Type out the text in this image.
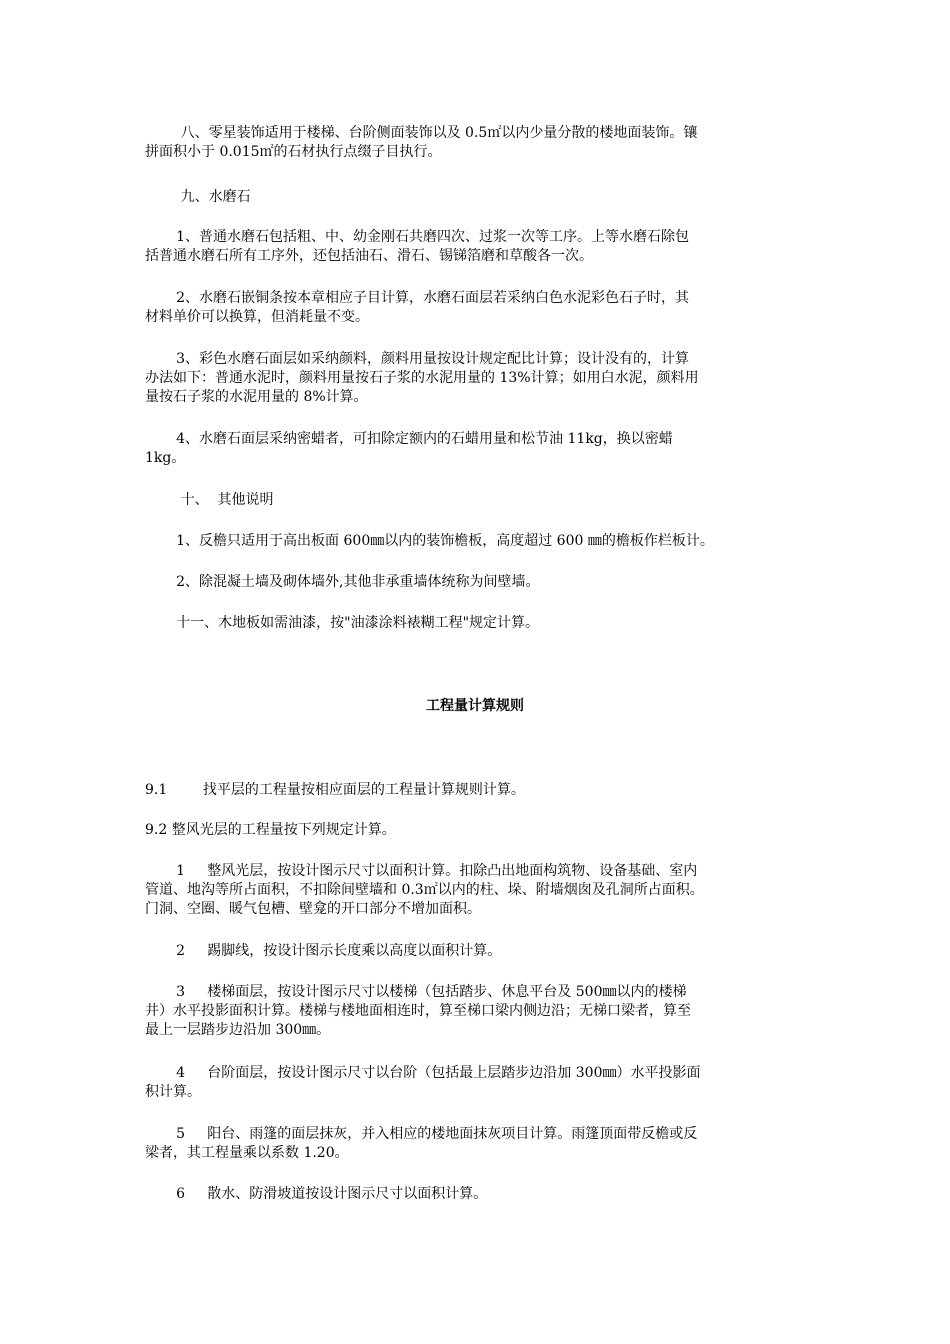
八、零星装饰适用于楼梯、台阶侧面装饰以及 0.5㎡以内少量分散的楼地面装饰。镶
拼面积小于 0.015㎡的石材执行点缀子目执行。
九、水磨石
1、普通水磨石包括粗、中、幼金刚石共磨四次、过浆一次等工序。上等水磨石除包
括普通水磨石所有工序外，还包括油石、滑石、锡锑箔磨和草酸各一次。
2、水磨石嵌铜条按本章相应子目计算，水磨石面层若采纳白色水泥彩色石子时，其
材料单价可以换算，但消耗量不变。
3、彩色水磨石面层如采纳颜料，颜料用量按设计规定配比计算；设计没有的，计算
办法如下：普通水泥时，颜料用量按石子浆的水泥用量的 13%计算；如用白水泥，颜料用
量按石子浆的水泥用量的 8%计算。
4、水磨石面层采纳密蜡者，可扣除定额内的石蜡用量和松节油 11kg，换以密蜡
1kg。
十、  其他说明
1、反檐只适用于高出板面 600㎜以内的装饰檐板，高度超过 600 ㎜的檐板作栏板计。
2、除混凝土墙及砌体墙外,其他非承重墙体统称为间壁墙。
十一、木地板如需油漆，按"油漆涂料裱糊工程"规定计算。
工程量计算规则
9.1        找平层的工程量按相应面层的工程量计算规则计算。
9.2 整风光层的工程量按下列规定计算。
1     整风光层，按设计图示尺寸以面积计算。扣除凸出地面构筑物、设备基础、室内
管道、地沟等所占面积，不扣除间壁墙和 0.3㎡以内的柱、垛、附墙烟囱及孔洞所占面积。
门洞、空圈、暖气包槽、壁龛的开口部分不增加面积。
2     踢脚线，按设计图示长度乘以高度以面积计算。
3     楼梯面层，按设计图示尺寸以楼梯（包括踏步、休息平台及 500㎜以内的楼梯
井）水平投影面积计算。楼梯与楼地面相连时，算至梯口梁内侧边沿；无梯口梁者，算至
最上一层踏步边沿加 300㎜。
4     台阶面层，按设计图示尺寸以台阶（包括最上层踏步边沿加 300㎜）水平投影面
积计算。
5     阳台、雨篷的面层抹灰，并入相应的楼地面抹灰项目计算。雨篷顶面带反檐或反
梁者，其工程量乘以系数 1.20。
6     散水、防滑坡道按设计图示尺寸以面积计算。
